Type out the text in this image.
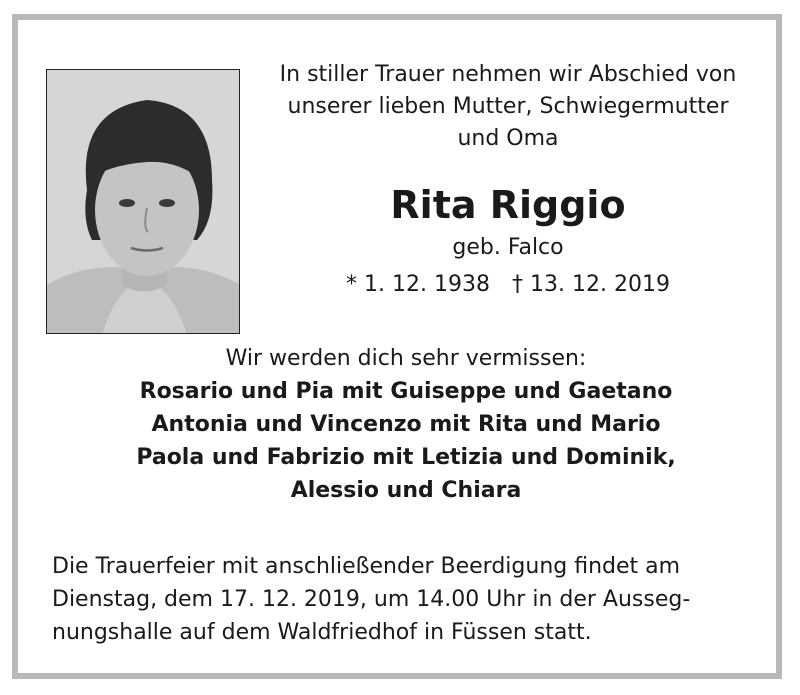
In stiller Trauer nehmen wir Abschied von
unserer lieben Mutter, Schwiegermutter
und Oma
Rita Riggio
geb. Falco
* 1. 12. 1938 † 13. 12. 2019
Wir werden dich sehr vermissen:
Rosario und Pia mit Guiseppe und Gaetano
Antonia und Vincenzo mit Rita und Mario
Paola und Fabrizio mit Letizia und Dominik,
Alessio und Chiara
Die Trauerfeier mit anschließender Beerdigung findet am
Dienstag, dem 17. 12. 2019, um 14.00 Uhr in der Ausseg-
nungshalle auf dem Waldfriedhof in Füssen statt.
